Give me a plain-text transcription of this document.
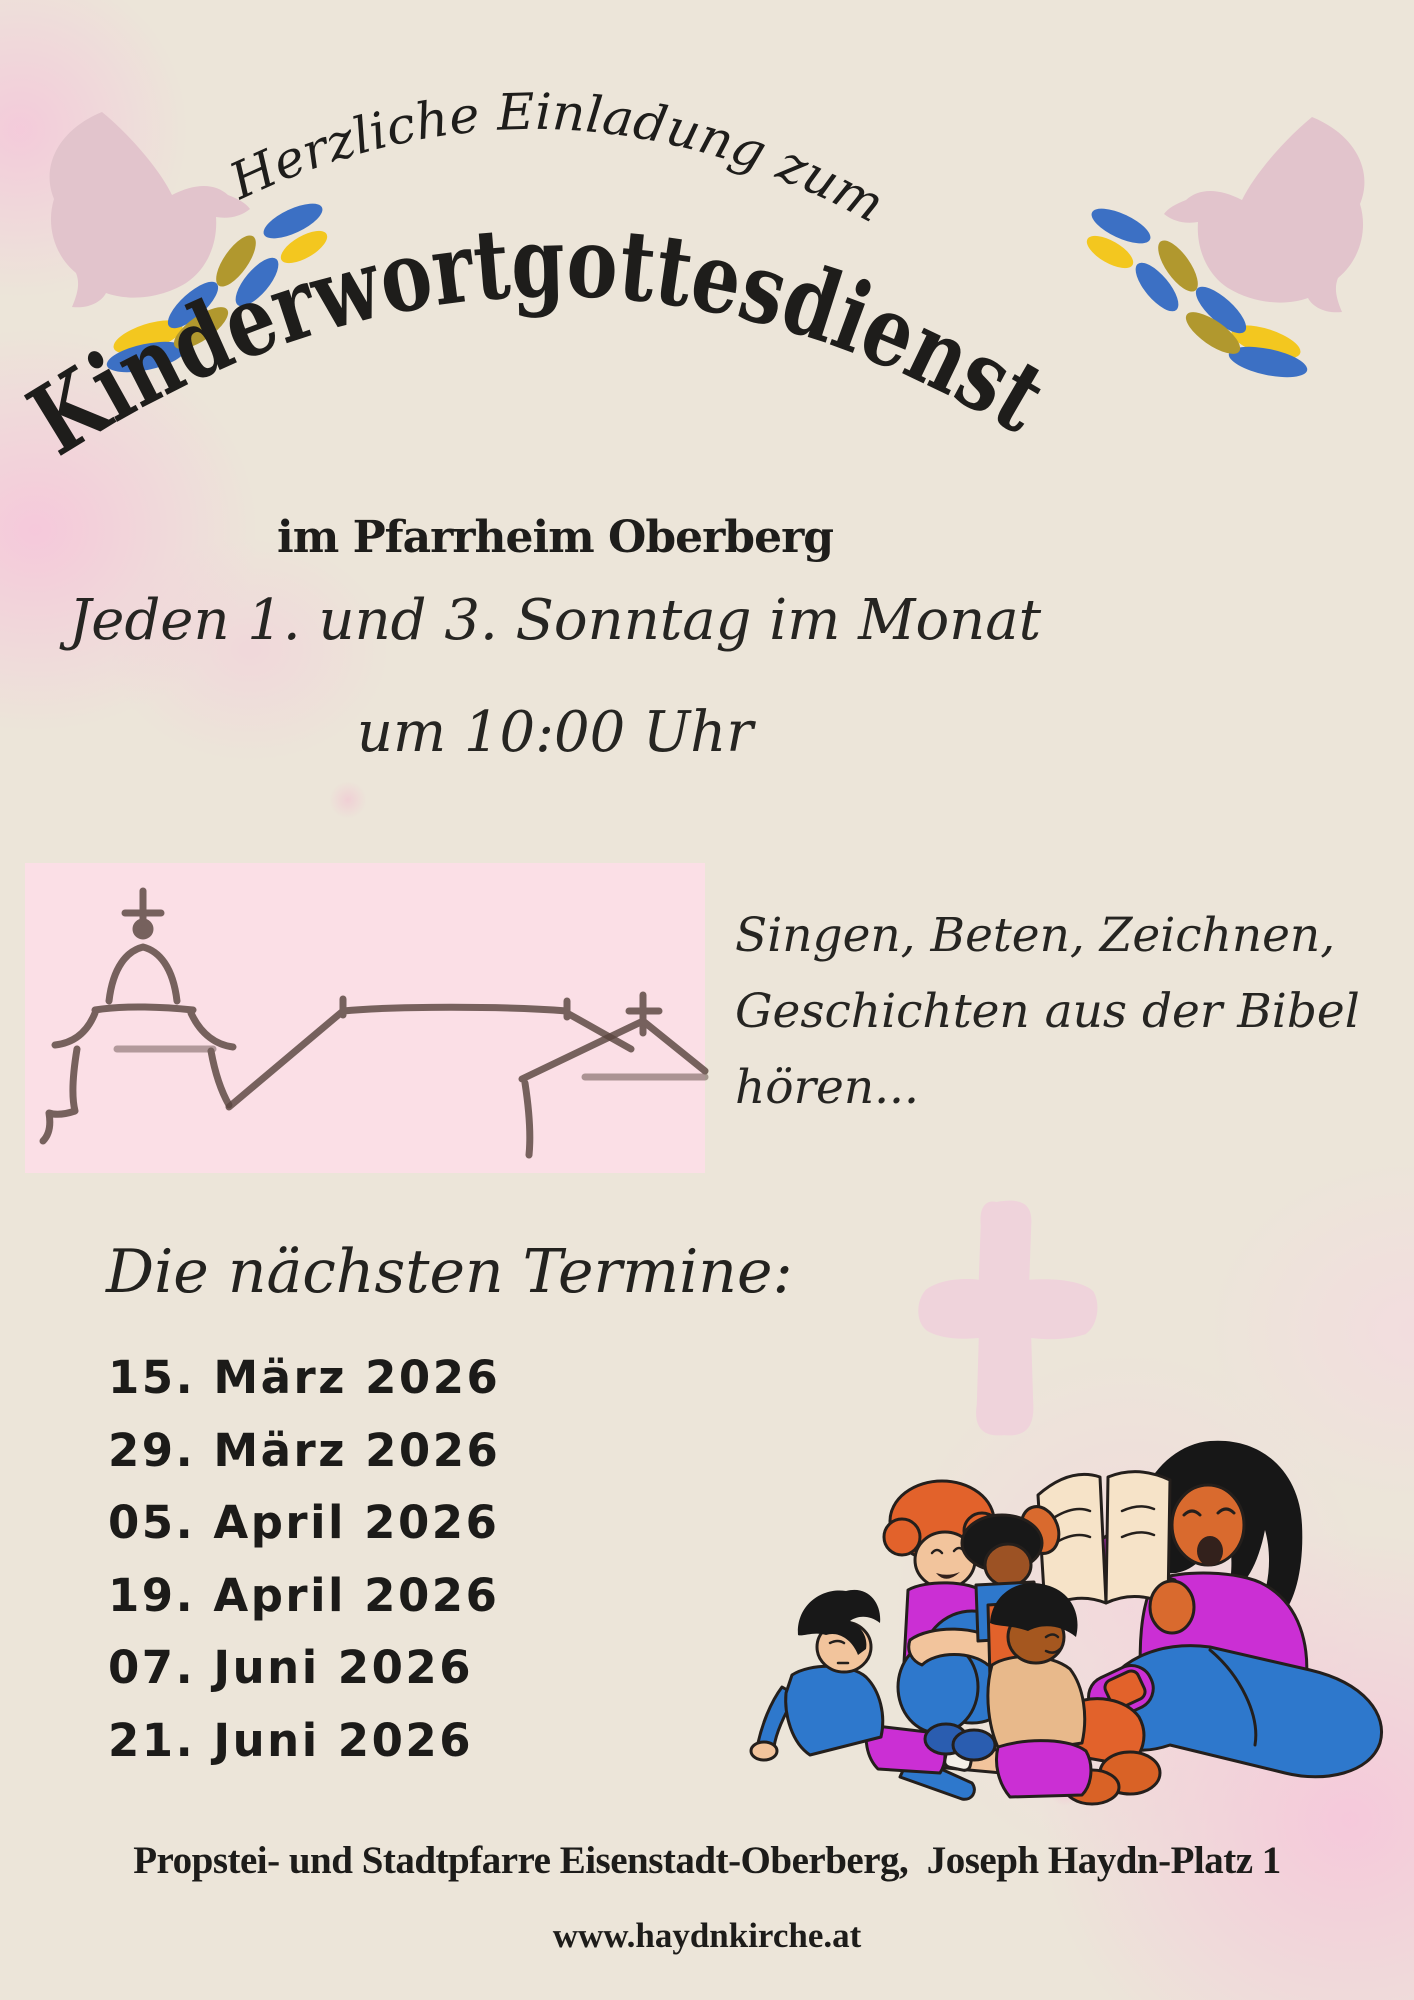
Herzliche Einladung zum
Kinderwortgottesdienst
im Pfarrheim Oberberg
Jeden 1. und 3. Sonntag im Monat
um 10:00 Uhr
Singen, Beten, Zeichnen,
Geschichten aus der Bibel
hören...
Die nächsten Termine:
15. März 2026
29. März 2026
05. April 2026
19. April 2026
07. Juni 2026
21. Juni 2026
Propstei- und Stadtpfarre Eisenstadt-Oberberg,  Joseph Haydn-Platz 1
www.haydnkirche.at
